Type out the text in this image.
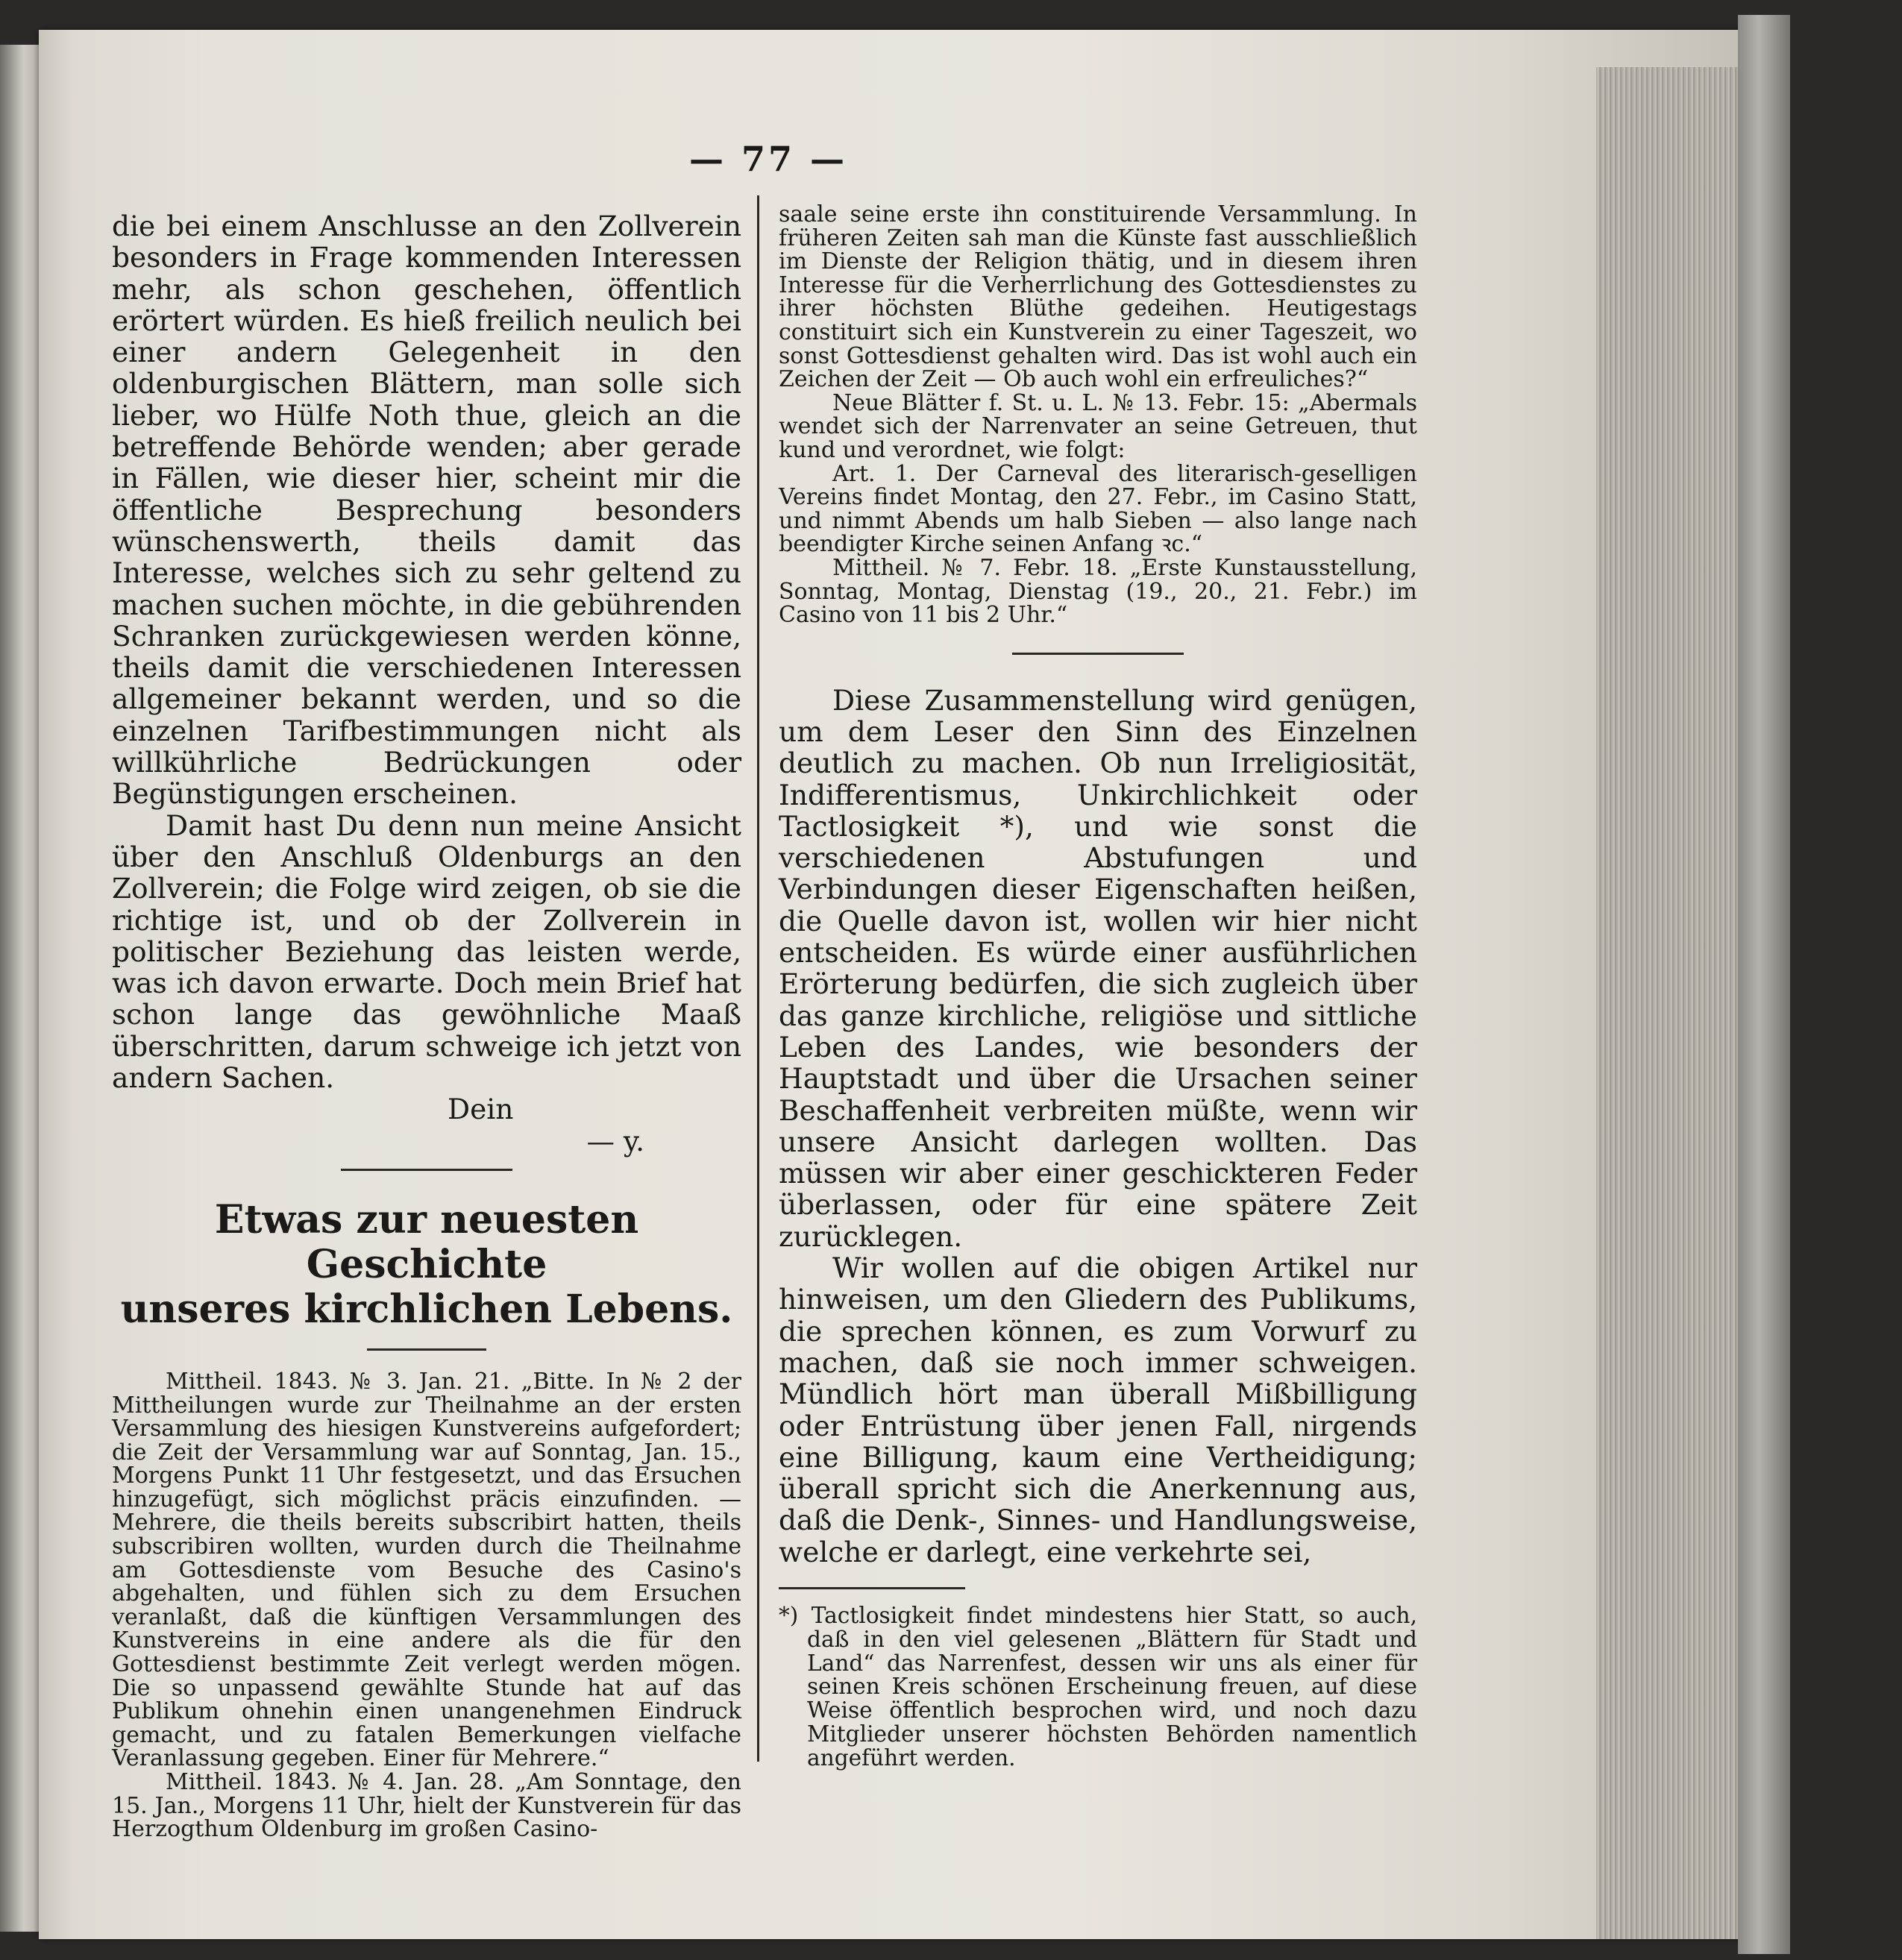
— 77 —

die bei einem Anschlusse an den Zollverein besonders in Frage kommenden Interessen mehr, als schon geschehen, öffentlich erörtert würden. Es hieß freilich neulich bei einer andern Gelegenheit in den oldenburgischen Blättern, man solle sich lieber, wo Hülfe Noth thue, gleich an die betreffende Behörde wenden; aber gerade in Fällen, wie dieser hier, scheint mir die öffentliche Besprechung besonders wünschenswerth, theils damit das Interesse, welches sich zu sehr geltend zu machen suchen möchte, in die gebührenden Schranken zurückgewiesen werden könne, theils damit die verschiedenen Interessen allgemeiner bekannt werden, und so die einzelnen Tarifbestimmungen nicht als willkührliche Bedrückungen oder Begünstigungen erscheinen.

Damit hast Du denn nun meine Ansicht über den Anschluß Oldenburgs an den Zollverein; die Folge wird zeigen, ob sie die richtige ist, und ob der Zollverein in politischer Beziehung das leisten werde, was ich davon erwarte. Doch mein Brief hat schon lange das gewöhnliche Maaß überschritten, darum schweige ich jetzt von andern Sachen.

Dein

— y.

Etwas zur neuesten Geschichte
unseres kirchlichen Lebens.

Mittheil. 1843. № 3. Jan. 21. „Bitte. In № 2 der Mittheilungen wurde zur Theilnahme an der ersten Versammlung des hiesigen Kunstvereins aufgefordert; die Zeit der Versammlung war auf Sonntag, Jan. 15., Morgens Punkt 11 Uhr festgesetzt, und das Ersuchen hinzugefügt, sich möglichst präcis einzufinden. — Mehrere, die theils bereits subscribirt hatten, theils subscribiren wollten, wurden durch die Theilnahme am Gottesdienste vom Besuche des Casino's abgehalten, und fühlen sich zu dem Ersuchen veranlaßt, daß die künftigen Versammlungen des Kunstvereins in eine andere als die für den Gottesdienst bestimmte Zeit verlegt werden mögen. Die so unpassend gewählte Stunde hat auf das Publikum ohnehin einen unangenehmen Eindruck gemacht, und zu fatalen Bemerkungen vielfache Veranlassung gegeben. Einer für Mehrere.“

Mittheil. 1843. № 4. Jan. 28. „Am Sonntage, den 15. Jan., Morgens 11 Uhr, hielt der Kunstverein für das Herzogthum Oldenburg im großen Casino-

saale seine erste ihn constituirende Versammlung. In früheren Zeiten sah man die Künste fast ausschließlich im Dienste der Religion thätig, und in diesem ihren Interesse für die Verherrlichung des Gottesdienstes zu ihrer höchsten Blüthe gedeihen. Heutigestags constituirt sich ein Kunstverein zu einer Tageszeit, wo sonst Gottesdienst gehalten wird. Das ist wohl auch ein Zeichen der Zeit — Ob auch wohl ein erfreuliches?“

Neue Blätter f. St. u. L. № 13. Febr. 15: „Abermals wendet sich der Narrenvater an seine Getreuen, thut kund und verordnet, wie folgt:

Art. 1. Der Carneval des literarisch-geselligen Vereins findet Montag, den 27. Febr., im Casino Statt, und nimmt Abends um halb Sieben — also lange nach beendigter Kirche seinen Anfang ꝛc.“

Mittheil. № 7. Febr. 18. „Erste Kunstausstellung, Sonntag, Montag, Dienstag (19., 20., 21. Febr.) im Casino von 11 bis 2 Uhr.“

Diese Zusammenstellung wird genügen, um dem Leser den Sinn des Einzelnen deutlich zu machen. Ob nun Irreligiosität, Indifferentismus, Unkirchlichkeit oder Tactlosigkeit *), und wie sonst die verschiedenen Abstufungen und Verbindungen dieser Eigenschaften heißen, die Quelle davon ist, wollen wir hier nicht entscheiden. Es würde einer ausführlichen Erörterung bedürfen, die sich zugleich über das ganze kirchliche, religiöse und sittliche Leben des Landes, wie besonders der Hauptstadt und über die Ursachen seiner Beschaffenheit verbreiten müßte, wenn wir unsere Ansicht darlegen wollten. Das müssen wir aber einer geschickteren Feder überlassen, oder für eine spätere Zeit zurücklegen.

Wir wollen auf die obigen Artikel nur hinweisen, um den Gliedern des Publikums, die sprechen können, es zum Vorwurf zu machen, daß sie noch immer schweigen. Mündlich hört man überall Mißbilligung oder Entrüstung über jenen Fall, nirgends eine Billigung, kaum eine Vertheidigung; überall spricht sich die Anerkennung aus, daß die Denk-, Sinnes- und Handlungsweise, welche er darlegt, eine verkehrte sei,

*) Tactlosigkeit findet mindestens hier Statt, so auch, daß in den viel gelesenen „Blättern für Stadt und Land“ das Narrenfest, dessen wir uns als einer für seinen Kreis schönen Erscheinung freuen, auf diese Weise öffentlich besprochen wird, und noch dazu Mitglieder unserer höchsten Behörden namentlich angeführt werden.
